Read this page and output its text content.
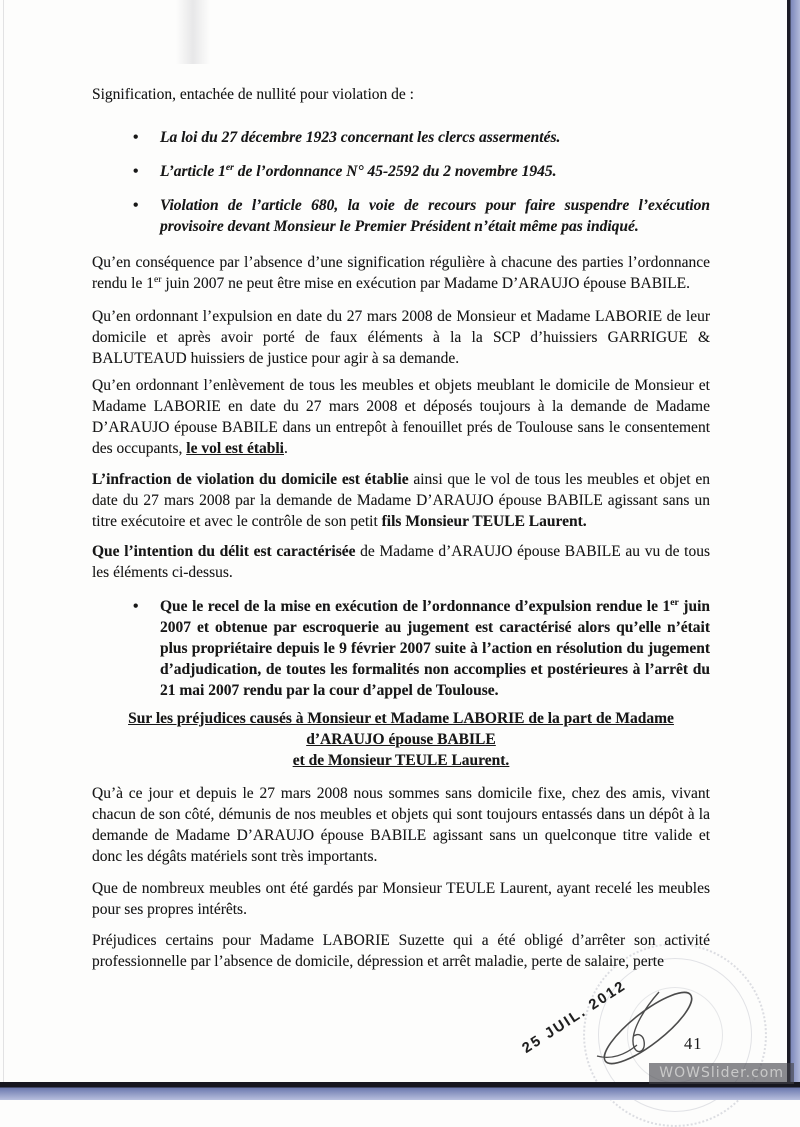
Signification, entachée de nullité pour violation de :

•	La loi du 27 décembre 1923 concernant les clercs assermentés.
•	L’article 1er de l’ordonnance N° 45-2592 du 2 novembre 1945.
•	Violation de l’article 680, la voie de recours pour faire suspendre l’exécution provisoire devant Monsieur le Premier Président n’était même pas indiqué.

Qu’en conséquence par l’absence d’une signification régulière à chacune des parties l’ordonnance rendu le 1er juin 2007 ne peut être mise en exécution par Madame D’ARAUJO épouse BABILE.

Qu’en ordonnant l’expulsion en date du 27 mars 2008 de Monsieur et Madame LABORIE de leur domicile et après avoir porté de faux éléments à la la SCP d’huissiers GARRIGUE & BALUTEAUD huissiers de justice pour agir à sa demande.

Qu’en ordonnant l’enlèvement de tous les meubles et objets meublant le domicile de Monsieur et Madame LABORIE en date du 27 mars 2008 et déposés toujours à la demande de Madame D’ARAUJO épouse BABILE dans un entrepôt à fenouillet prés de Toulouse sans le consentement des occupants, le vol est établi.

L’infraction de violation du domicile est établie ainsi que le vol de tous les meubles et objet en date du 27 mars 2008 par la demande de Madame D’ARAUJO épouse BABILE agissant sans un titre exécutoire et avec le contrôle de son petit fils Monsieur TEULE Laurent.

Que l’intention du délit est caractérisée de Madame d’ARAUJO épouse BABILE au vu de tous les éléments ci-dessus.

•	Que le recel de la mise en exécution de l’ordonnance d’expulsion rendue le 1er juin 2007 et obtenue par escroquerie au jugement est caractérisé alors qu’elle n’était plus propriétaire depuis le 9 février 2007 suite à l’action en résolution du jugement d’adjudication, de toutes les formalités non accomplies et postérieures à l’arrêt du 21 mai 2007 rendu par la cour d’appel de Toulouse.
Sur les préjudices causés à Monsieur et Madame LABORIE de la part de Madame
d’ARAUJO épouse BABILE
et de Monsieur TEULE Laurent.

Qu’à ce jour et depuis le 27 mars 2008 nous sommes sans domicile fixe, chez des amis, vivant chacun de son côté, démunis de nos meubles et objets qui sont toujours entassés dans un dépôt à la demande de Madame D’ARAUJO épouse BABILE agissant sans un quelconque titre valide et donc les dégâts matériels sont très importants.

Que de nombreux meubles ont été gardés par Monsieur TEULE Laurent, ayant recelé les meubles pour ses propres intérêts.

Préjudices certains pour Madame LABORIE Suzette qui a été obligé d’arrêter son activité professionnelle par l’absence de domicile, dépression et arrêt maladie, perte de salaire, perte

25 JUIL. 2012	41
WOWSlider.com
